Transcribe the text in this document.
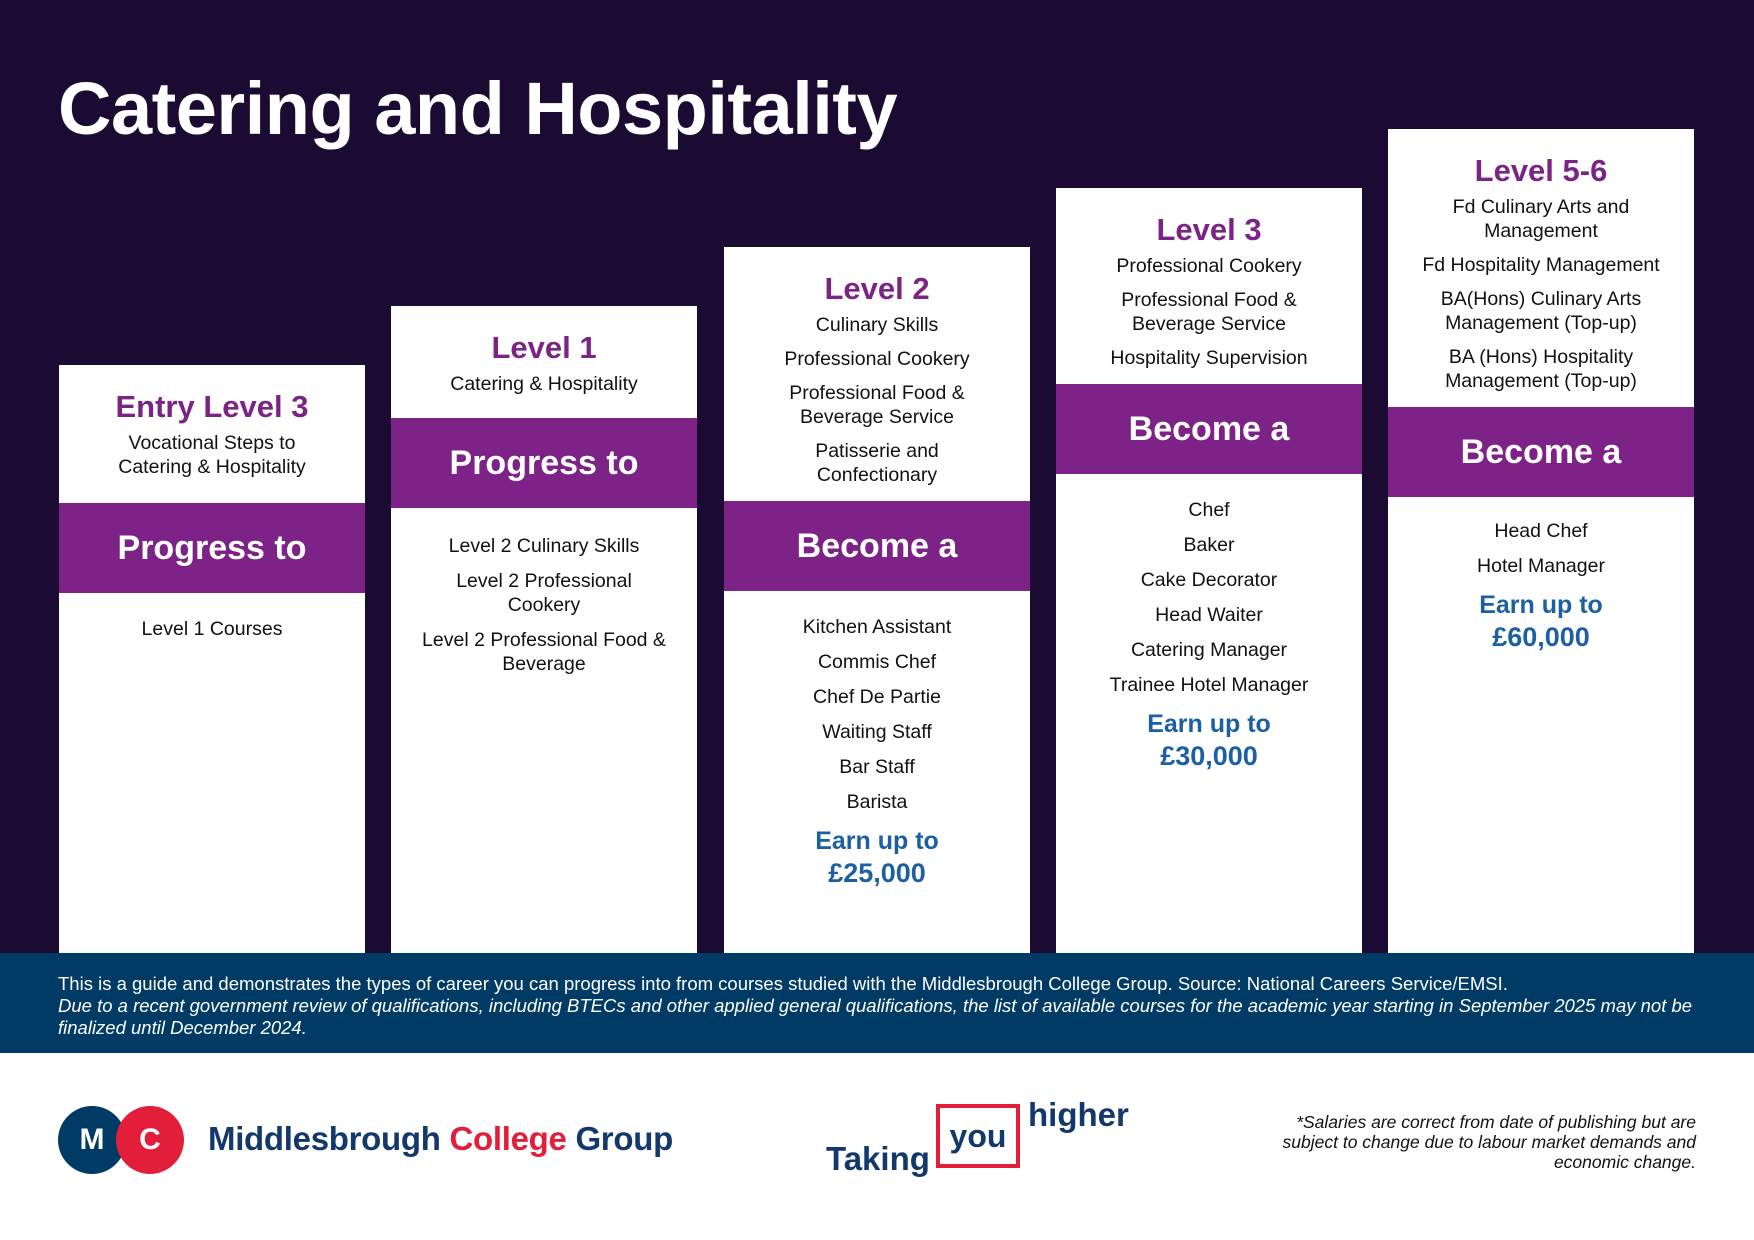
Catering and Hospitality
Entry Level 3
Vocational Steps to Catering & Hospitality
Progress to
Level 1 Courses
Level 1
Catering & Hospitality
Progress to
Level 2 Culinary Skills
Level 2 Professional Cookery
Level 2 Professional Food & Beverage
Level 2
Culinary Skills
Professional Cookery
Professional Food & Beverage Service
Patisserie and Confectionary
Become a
Kitchen Assistant
Commis Chef
Chef De Partie
Waiting Staff
Bar Staff
Barista
Earn up to
£25,000
Level 3
Professional Cookery
Professional Food & Beverage Service
Hospitality Supervision
Become a
Chef
Baker
Cake Decorator
Head Waiter
Catering Manager
Trainee Hotel Manager
Earn up to
£30,000
Level 5-6
Fd Culinary Arts and Management
Fd Hospitality Management
BA(Hons) Culinary Arts Management (Top-up)
BA (Hons) Hospitality Management (Top-up)
Become a
Head Chef
Hotel Manager
Earn up to
£60,000
This is a guide and demonstrates the types of career you can progress into from courses studied with the Middlesbrough College Group. Source: National Careers Service/EMSI.
Due to a recent government review of qualifications, including BTECs and other applied general qualifications, the list of available courses for the academic year starting in September 2025 may not be finalized until December 2024.
M	C	Middlesbrough College Group
Taking
you
higher	*Salaries are correct from date of publishing but are subject to change due to labour market demands and economic change.
